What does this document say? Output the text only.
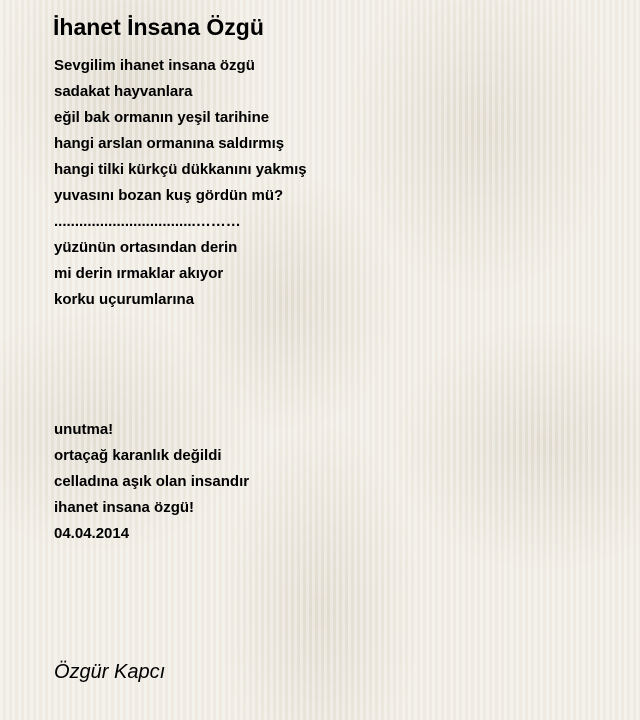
İhanet İnsana Özgü
Sevgilim ihanet insana özgü
sadakat hayvanlara
eğil bak ormanın yeşil tarihine
hangi arslan ormanına saldırmış
hangi tilki kürkçü dükkanını yakmış
yuvasını bozan kuş gördün mü?
..................................………
yüzünün ortasından derin
mi derin ırmaklar akıyor
korku uçurumlarına
unutma!
ortaçağ karanlık değildi
celladına aşık olan insandır
ihanet insana özgü!
04.04.2014
Özgür Kapcı
